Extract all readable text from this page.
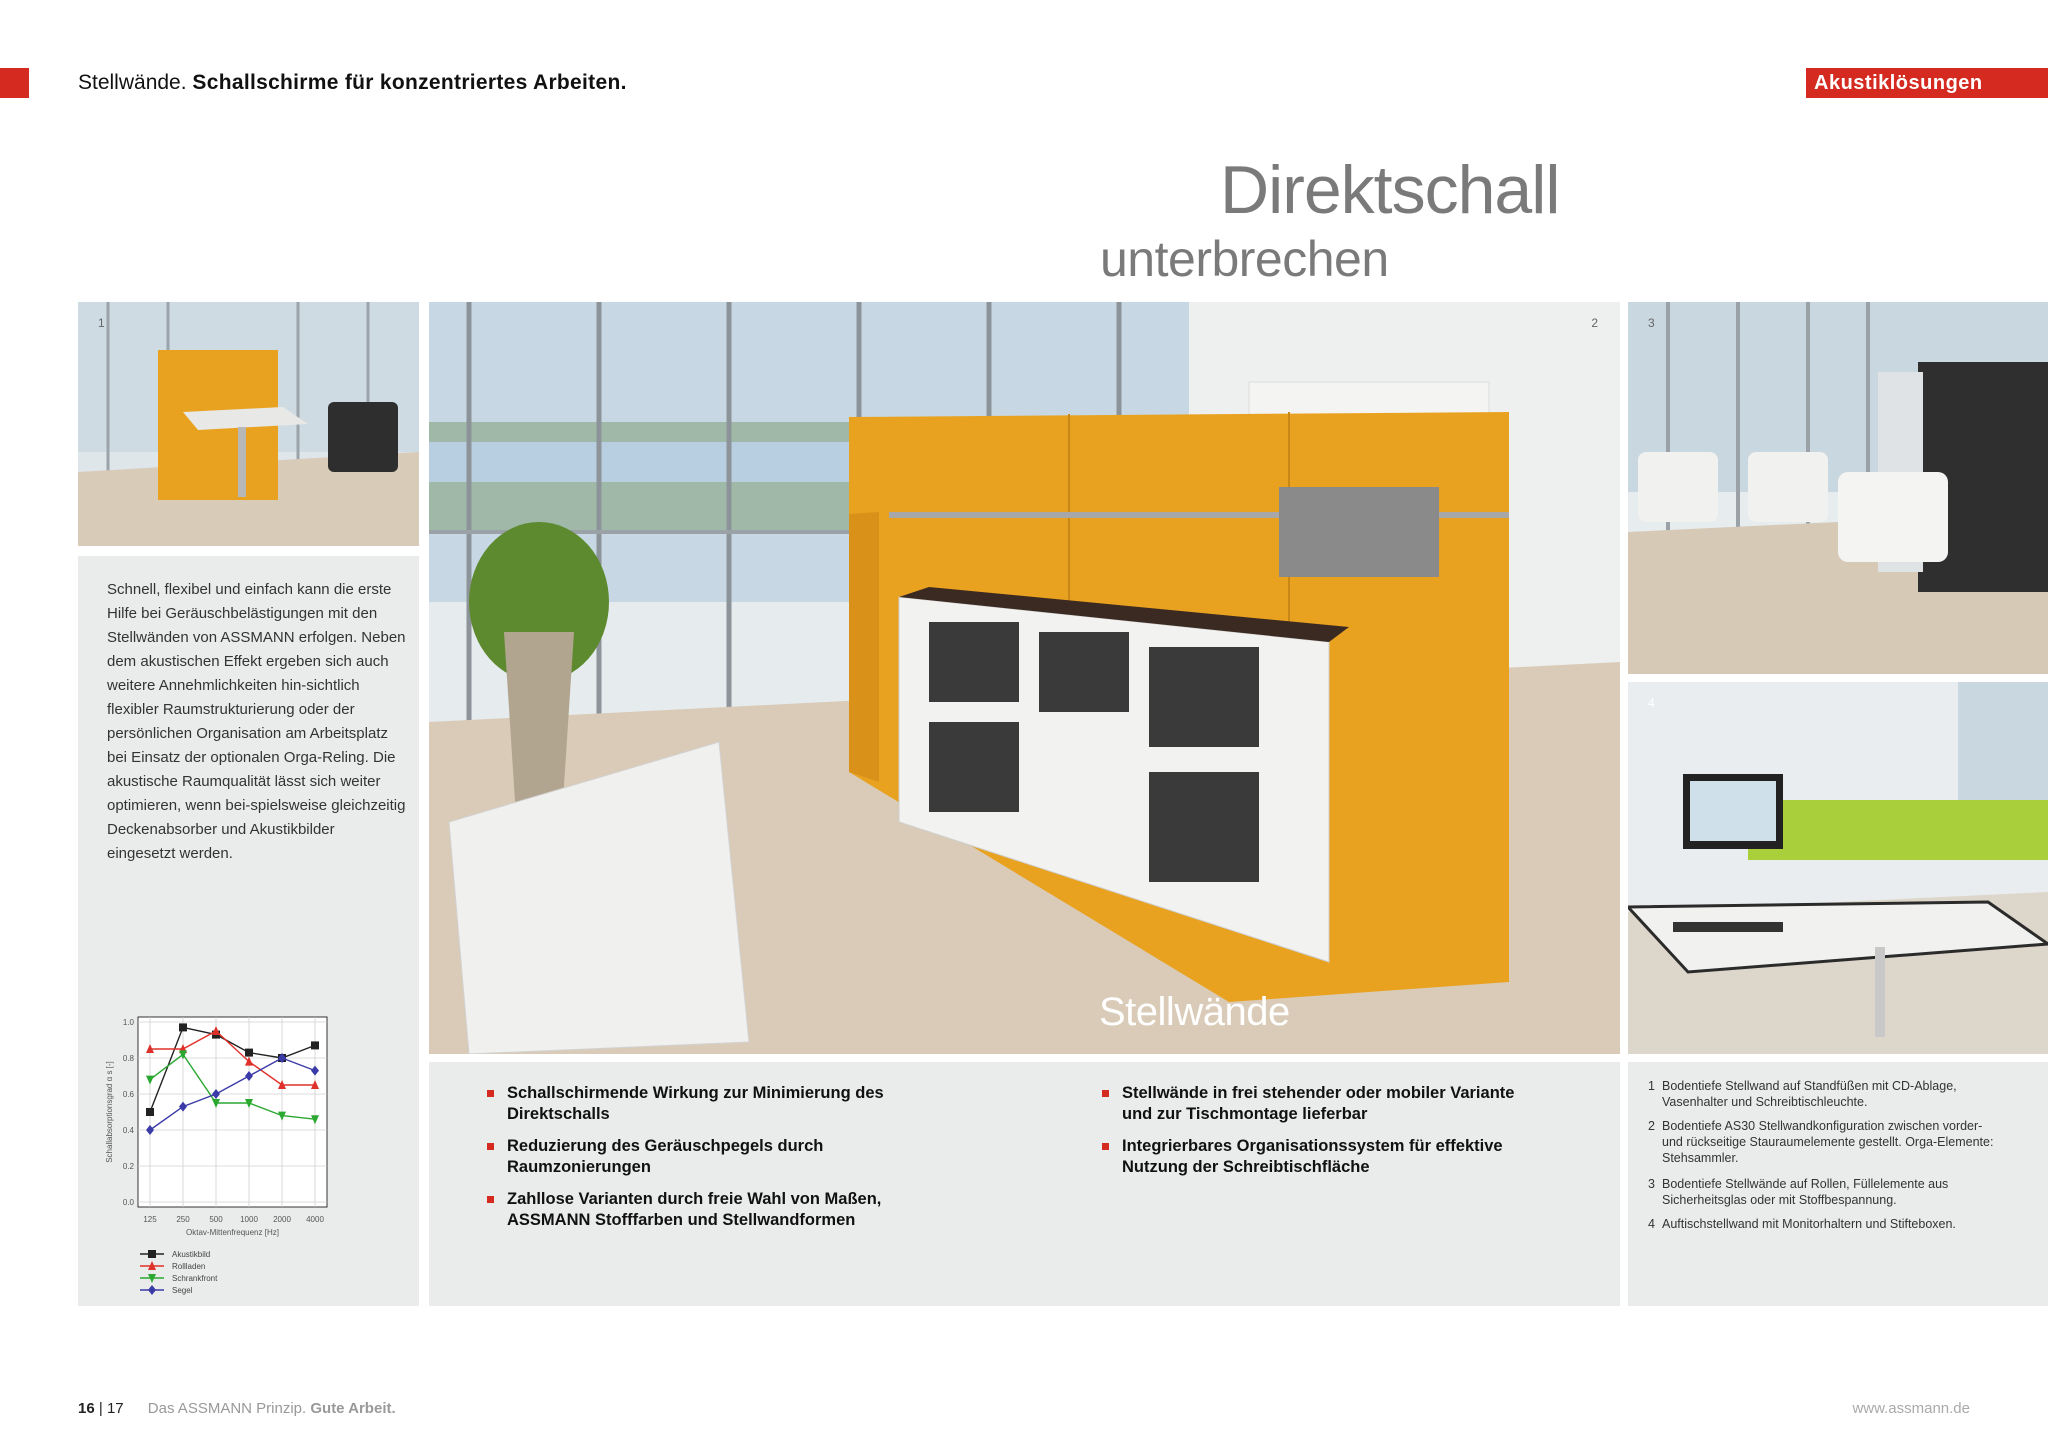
Stellwände. Schallschirme für konzentriertes Arbeiten.	Akustiklösungen
Direktschall
unterbrechen
1	2
Stellwände
3
4
Schnell, flexibel und einfach kann die erste Hilfe bei Geräuschbelästigungen mit den Stellwänden von ASSMANN erfolgen. Neben dem akustischen Effekt ergeben sich auch weitere Annehmlichkeiten hin-sichtlich flexibler Raumstrukturierung oder der persönlichen Organisation am Arbeitsplatz bei Einsatz der optionalen Orga-Reling. Die akustische Raumqualität lässt sich weiter optimieren, wenn bei-spielsweise gleichzeitig Deckenabsorber und Akustikbilder eingesetzt werden.
0.0
0.2
0.4
0.6
0.8
1.0
125 250 500 1000 2000 4000
Oktav-Mittenfrequenz [Hz]
Schallabsorptionsgrad α s [-]
Akustikbild
Rollladen
Schrankfront
Segel
Schallschirmende Wirkung zur Minimierung des Direktschalls
Reduzierung des Geräuschpegels durch Raumzonierungen
Zahllose Varianten durch freie Wahl von Maßen, ASSMANN Stofffarben und Stellwandformen
Stellwände in frei stehender oder mobiler Variante und zur Tischmontage lieferbar
Integrierbares Organisationssystem für effektive Nutzung der Schreibtischfläche
1 Bodentiefe Stellwand auf Standfüßen mit CD-Ablage, Vasenhalter und Schreibtischleuchte.
2 Bodentiefe AS30 Stellwandkonfiguration zwischen vorder- und rückseitige Stauraumelemente gestellt. Orga-Elemente: Stehsammler.
3 Bodentiefe Stellwände auf Rollen, Füllelemente aus Sicherheitsglas oder mit Stoffbespannung.
4 Auftischstellwand mit Monitorhaltern und Stifteboxen.
16 | 17 Das ASSMANN Prinzip. Gute Arbeit.	www.assmann.de
